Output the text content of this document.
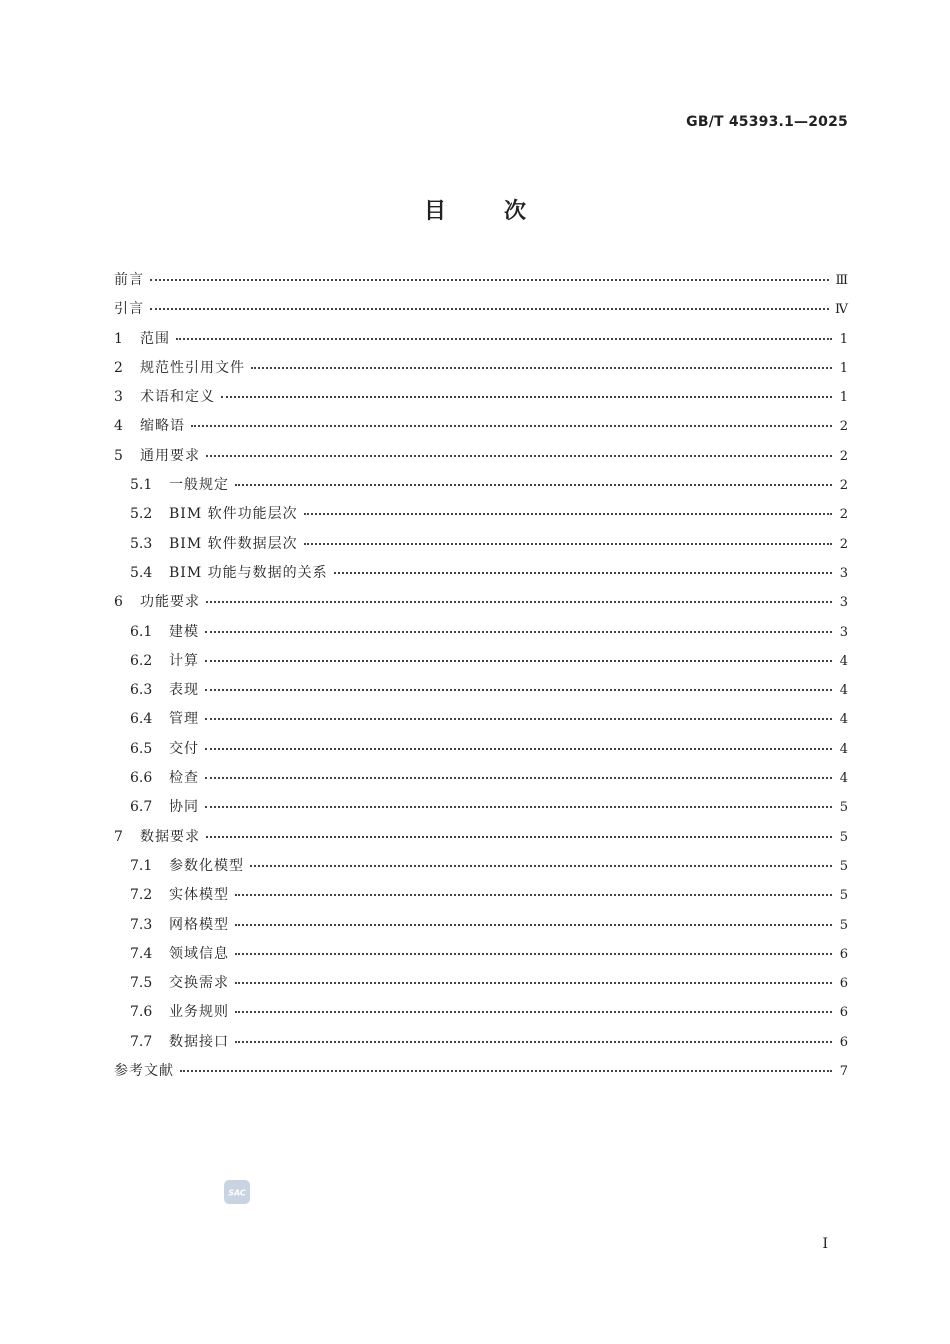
GB/T 45393.1—2025
目	次
前言	Ⅲ
引言	Ⅳ
1	范围	1
2	规范性引用文件	1
3	术语和定义	1
4	缩略语	2
5	通用要求	2
5.1	一般规定	2
5.2	BIM 软件功能层次	2
5.3	BIM 软件数据层次	2
5.4	BIM 功能与数据的关系	3
6	功能要求	3
6.1	建模	3
6.2	计算	4
6.3	表现	4
6.4	管理	4
6.5	交付	4
6.6	检查	4
6.7	协同	5
7	数据要求	5
7.1	参数化模型	5
7.2	实体模型	5
7.3	网格模型	5
7.4	领域信息	6
7.5	交换需求	6
7.6	业务规则	6
7.7	数据接口	6
参考文献	7
SAC
I
